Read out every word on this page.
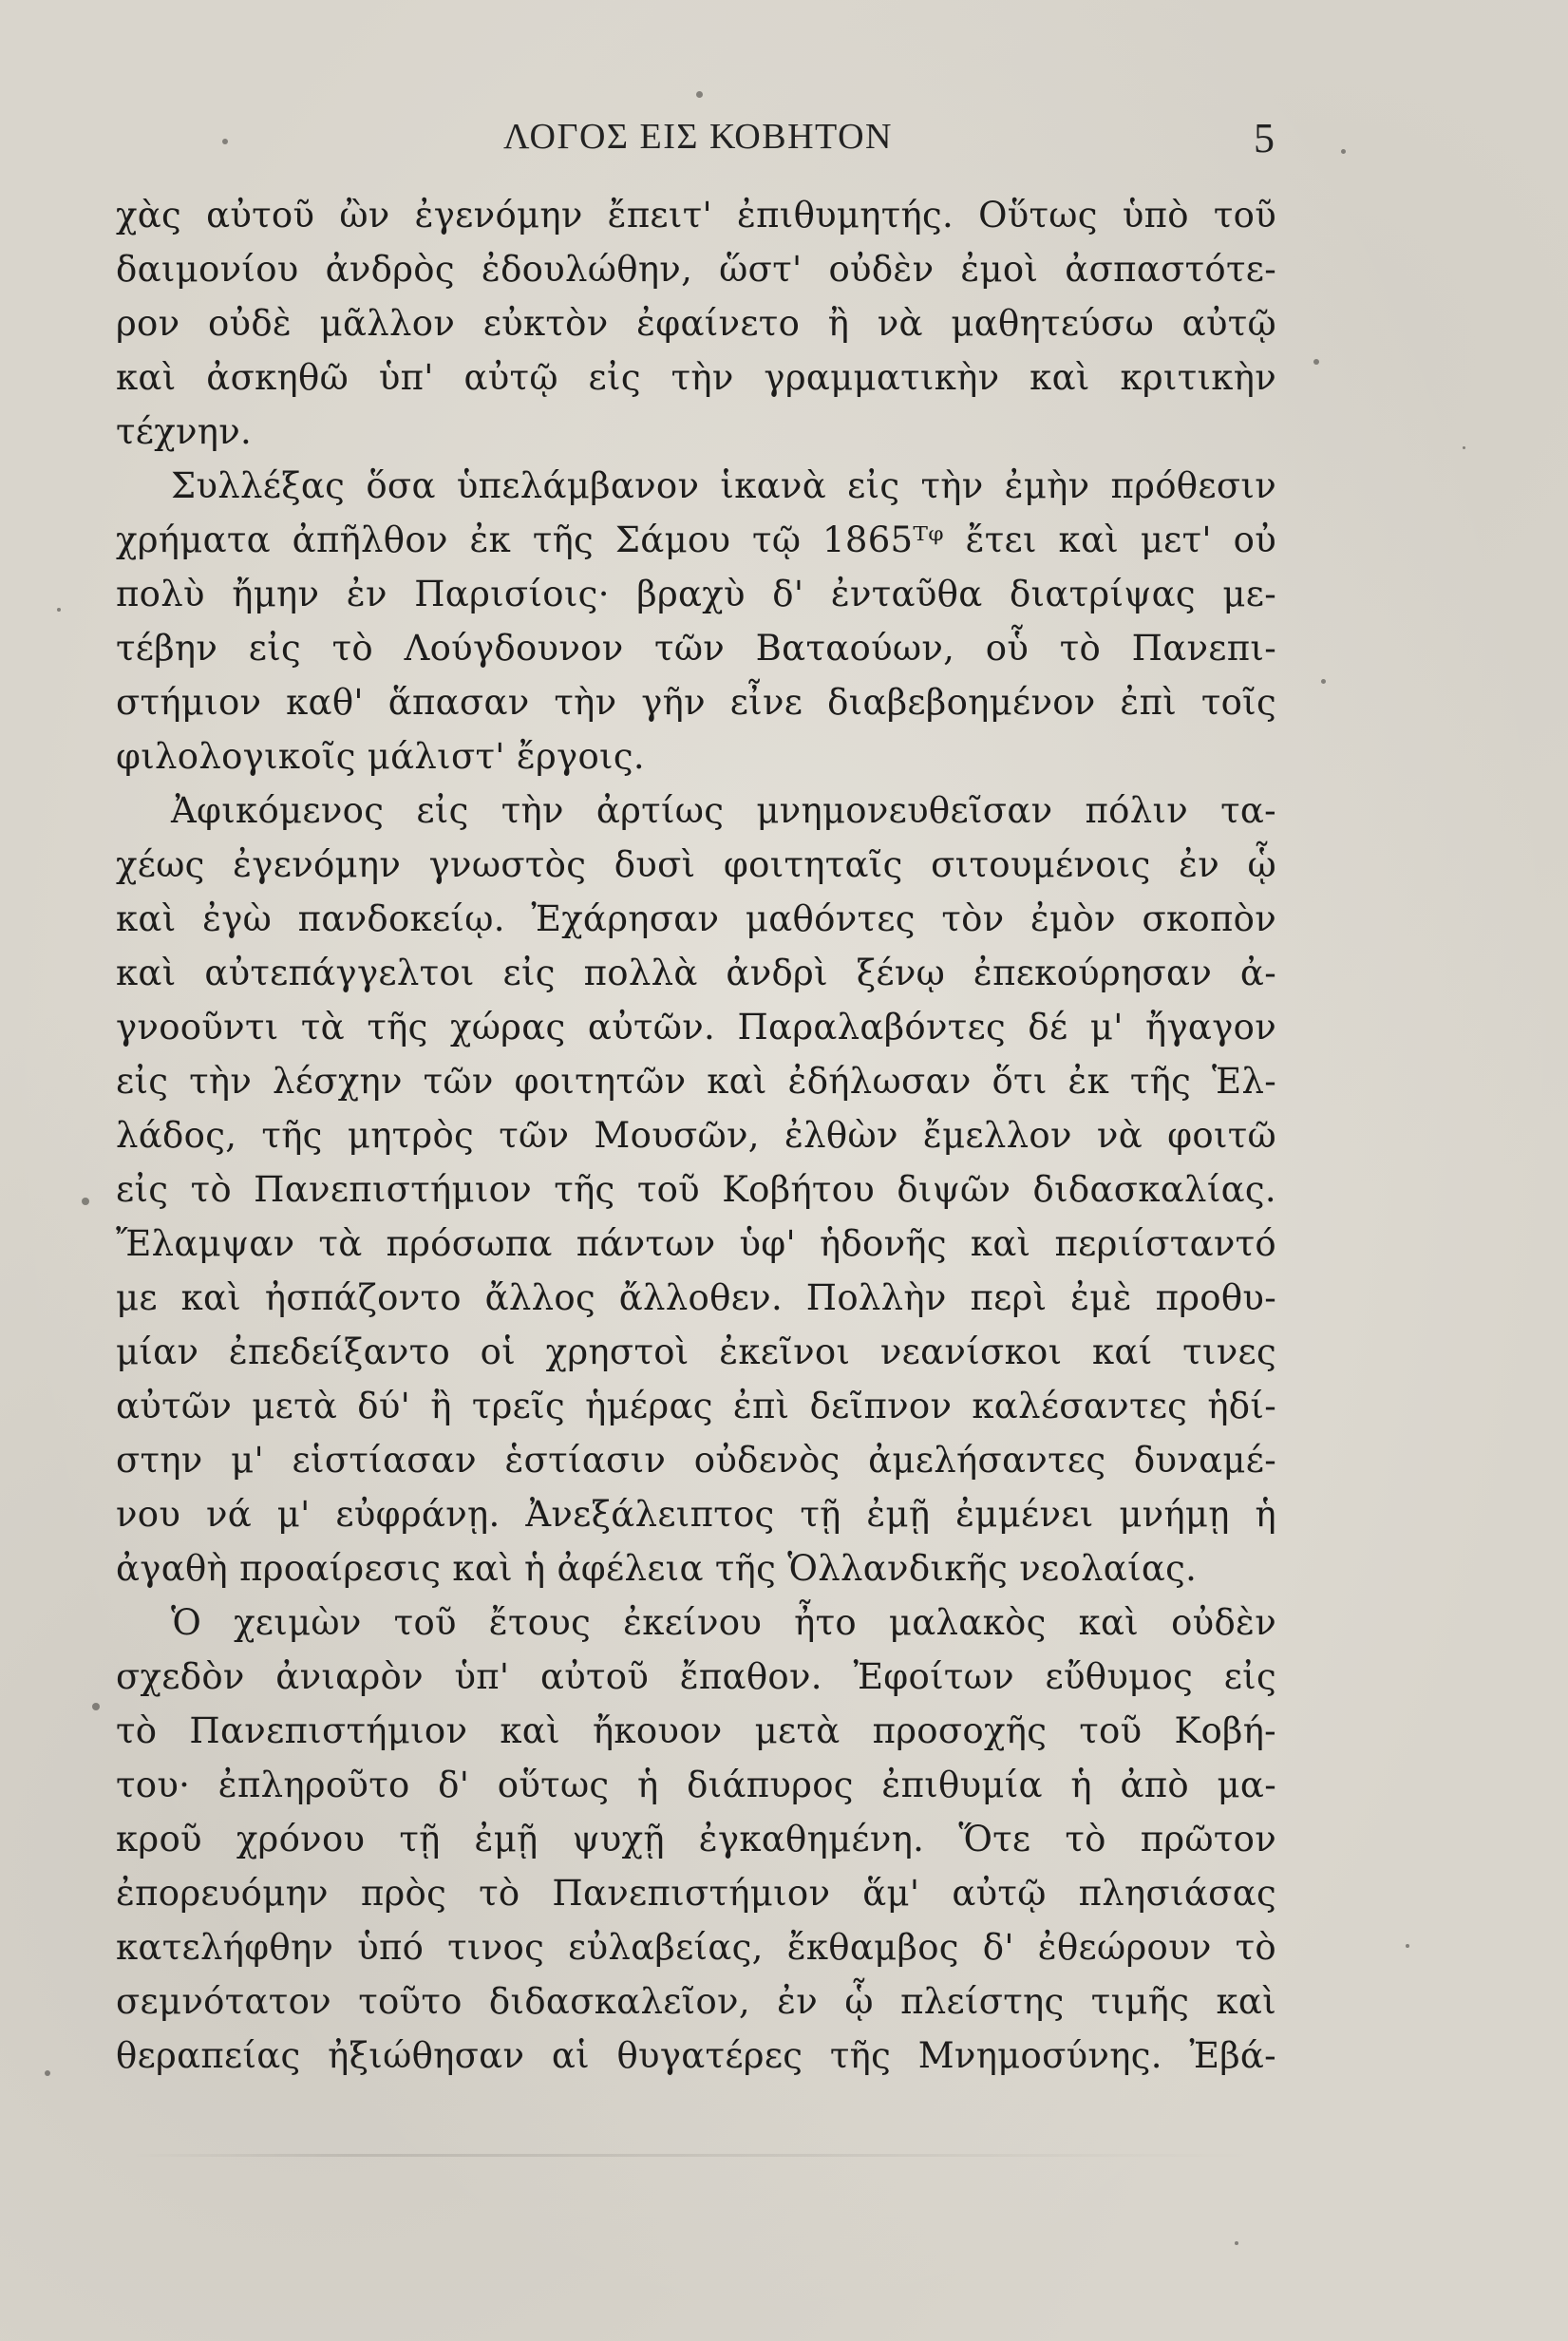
ΛΟΓΟΣ ΕΙΣ ΚΟΒΗΤΟΝ	5
χὰς αὐτοῦ ὢν ἐγενόμην ἔπειτ' ἐπιθυμητής. Οὕτως ὑπὸ τοῦ
δαιμονίου ἀνδρὸς ἐδουλώθην, ὥστ' οὐδὲν ἐμοὶ ἀσπαστότε-
ρον οὐδὲ μᾶλλον εὐκτὸν ἐφαίνετο ἢ νὰ μαθητεύσω αὐτῷ
καὶ ἀσκηθῶ ὑπ' αὐτῷ εἰς τὴν γραμματικὴν καὶ κριτικὴν
τέχνην.
Συλλέξας ὅσα ὑπελάμβανον ἱκανὰ εἰς τὴν ἐμὴν πρόθεσιν
χρήματα ἀπῆλθον ἐκ τῆς Σάμου τῷ 1865ᵀᵠ ἔτει καὶ μετ' οὐ
πολὺ ἤμην ἐν Παρισίοις· βραχὺ δ' ἐνταῦθα διατρίψας με-
τέβην εἰς τὸ Λούγδουνον τῶν Βαταούων, οὗ τὸ Πανεπι-
στήμιον καθ' ἅπασαν τὴν γῆν εἶνε διαβεβοημένον ἐπὶ τοῖς
φιλολογικοῖς μάλιστ' ἔργοις.
Ἀφικόμενος εἰς τὴν ἀρτίως μνημονευθεῖσαν πόλιν τα-
χέως ἐγενόμην γνωστὸς δυσὶ φοιτηταῖς σιτουμένοις ἐν ᾧ
καὶ ἐγὼ πανδοκείῳ. Ἐχάρησαν μαθόντες τὸν ἐμὸν σκοπὸν
καὶ αὐτεπάγγελτοι εἰς πολλὰ ἀνδρὶ ξένῳ ἐπεκούρησαν ἀ-
γνοοῦντι τὰ τῆς χώρας αὐτῶν. Παραλαβόντες δέ μ' ἤγαγον
εἰς τὴν λέσχην τῶν φοιτητῶν καὶ ἐδήλωσαν ὅτι ἐκ τῆς Ἑλ-
λάδος, τῆς μητρὸς τῶν Μουσῶν, ἐλθὼν ἔμελλον νὰ φοιτῶ
εἰς τὸ Πανεπιστήμιον τῆς τοῦ Κοβήτου διψῶν διδασκαλίας.
Ἔλαμψαν τὰ πρόσωπα πάντων ὑφ' ἡδονῆς καὶ περιίσταντό
με καὶ ἠσπάζοντο ἄλλος ἄλλοθεν. Πολλὴν περὶ ἐμὲ προθυ-
μίαν ἐπεδείξαντο οἱ χρηστοὶ ἐκεῖνοι νεανίσκοι καί τινες
αὐτῶν μετὰ δύ' ἢ τρεῖς ἡμέρας ἐπὶ δεῖπνον καλέσαντες ἡδί-
στην μ' εἱστίασαν ἑστίασιν οὐδενὸς ἀμελήσαντες δυναμέ-
νου νά μ' εὐφράνῃ. Ἀνεξάλειπτος τῇ ἐμῇ ἐμμένει μνήμῃ ἡ
ἀγαθὴ προαίρεσις καὶ ἡ ἀφέλεια τῆς Ὁλλανδικῆς νεολαίας.
Ὁ χειμὼν τοῦ ἔτους ἐκείνου ἦτο μαλακὸς καὶ οὐδὲν
σχεδὸν ἀνιαρὸν ὑπ' αὐτοῦ ἔπαθον. Ἐφοίτων εὔθυμος εἰς
τὸ Πανεπιστήμιον καὶ ἤκουον μετὰ προσοχῆς τοῦ Κοβή-
του· ἐπληροῦτο δ' οὕτως ἡ διάπυρος ἐπιθυμία ἡ ἀπὸ μα-
κροῦ χρόνου τῇ ἐμῇ ψυχῇ ἐγκαθημένη. Ὅτε τὸ πρῶτον
ἐπορευόμην πρὸς τὸ Πανεπιστήμιον ἅμ' αὐτῷ πλησιάσας
κατελήφθην ὑπό τινος εὐλαβείας, ἔκθαμβος δ' ἐθεώρουν τὸ
σεμνότατον τοῦτο διδασκαλεῖον, ἐν ᾧ πλείστης τιμῆς καὶ
θεραπείας ἠξιώθησαν αἱ θυγατέρες τῆς Μνημοσύνης. Ἐβά-
